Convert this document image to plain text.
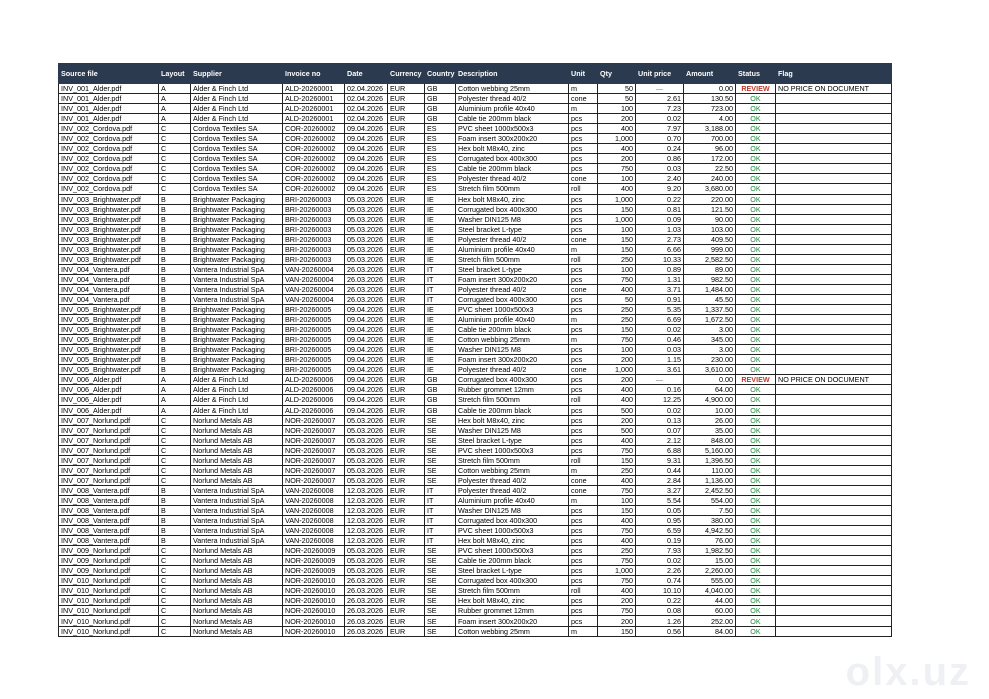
Source file	Layout	Supplier	Invoice no	Date	Currency	Country	Description	Unit	Qty	Unit price	Amount	Status	Flag
INV_001_Alder.pdf	A	Alder & Finch Ltd	ALD-20260001	02.04.2026	EUR	GB	Cotton webbing 25mm	m	50	—	0.00	REVIEW	NO PRICE ON DOCUMENT
INV_001_Alder.pdf	A	Alder & Finch Ltd	ALD-20260001	02.04.2026	EUR	GB	Polyester thread 40/2	cone	50	2.61	130.50	OK	
INV_001_Alder.pdf	A	Alder & Finch Ltd	ALD-20260001	02.04.2026	EUR	GB	Aluminium profile 40x40	m	100	7.23	723.00	OK	
INV_001_Alder.pdf	A	Alder & Finch Ltd	ALD-20260001	02.04.2026	EUR	GB	Cable tie 200mm black	pcs	200	0.02	4.00	OK	
INV_002_Cordova.pdf	C	Cordova Textiles SA	COR-20260002	09.04.2026	EUR	ES	PVC sheet 1000x500x3	pcs	400	7.97	3,188.00	OK	
INV_002_Cordova.pdf	C	Cordova Textiles SA	COR-20260002	09.04.2026	EUR	ES	Foam insert 300x200x20	pcs	1,000	0.70	700.00	OK	
INV_002_Cordova.pdf	C	Cordova Textiles SA	COR-20260002	09.04.2026	EUR	ES	Hex bolt M8x40, zinc	pcs	400	0.24	96.00	OK	
INV_002_Cordova.pdf	C	Cordova Textiles SA	COR-20260002	09.04.2026	EUR	ES	Corrugated box 400x300	pcs	200	0.86	172.00	OK	
INV_002_Cordova.pdf	C	Cordova Textiles SA	COR-20260002	09.04.2026	EUR	ES	Cable tie 200mm black	pcs	750	0.03	22.50	OK	
INV_002_Cordova.pdf	C	Cordova Textiles SA	COR-20260002	09.04.2026	EUR	ES	Polyester thread 40/2	cone	100	2.40	240.00	OK	
INV_002_Cordova.pdf	C	Cordova Textiles SA	COR-20260002	09.04.2026	EUR	ES	Stretch film 500mm	roll	400	9.20	3,680.00	OK	
INV_003_Brightwater.pdf	B	Brightwater Packaging	BRI-20260003	05.03.2026	EUR	IE	Hex bolt M8x40, zinc	pcs	1,000	0.22	220.00	OK	
INV_003_Brightwater.pdf	B	Brightwater Packaging	BRI-20260003	05.03.2026	EUR	IE	Corrugated box 400x300	pcs	150	0.81	121.50	OK	
INV_003_Brightwater.pdf	B	Brightwater Packaging	BRI-20260003	05.03.2026	EUR	IE	Washer DIN125 M8	pcs	1,000	0.09	90.00	OK	
INV_003_Brightwater.pdf	B	Brightwater Packaging	BRI-20260003	05.03.2026	EUR	IE	Steel bracket L-type	pcs	100	1.03	103.00	OK	
INV_003_Brightwater.pdf	B	Brightwater Packaging	BRI-20260003	05.03.2026	EUR	IE	Polyester thread 40/2	cone	150	2.73	409.50	OK	
INV_003_Brightwater.pdf	B	Brightwater Packaging	BRI-20260003	05.03.2026	EUR	IE	Aluminium profile 40x40	m	150	6.66	999.00	OK	
INV_003_Brightwater.pdf	B	Brightwater Packaging	BRI-20260003	05.03.2026	EUR	IE	Stretch film 500mm	roll	250	10.33	2,582.50	OK	
INV_004_Vantera.pdf	B	Vantera Industrial SpA	VAN-20260004	26.03.2026	EUR	IT	Steel bracket L-type	pcs	100	0.89	89.00	OK	
INV_004_Vantera.pdf	B	Vantera Industrial SpA	VAN-20260004	26.03.2026	EUR	IT	Foam insert 300x200x20	pcs	750	1.31	982.50	OK	
INV_004_Vantera.pdf	B	Vantera Industrial SpA	VAN-20260004	26.03.2026	EUR	IT	Polyester thread 40/2	cone	400	3.71	1,484.00	OK	
INV_004_Vantera.pdf	B	Vantera Industrial SpA	VAN-20260004	26.03.2026	EUR	IT	Corrugated box 400x300	pcs	50	0.91	45.50	OK	
INV_005_Brightwater.pdf	B	Brightwater Packaging	BRI-20260005	09.04.2026	EUR	IE	PVC sheet 1000x500x3	pcs	250	5.35	1,337.50	OK	
INV_005_Brightwater.pdf	B	Brightwater Packaging	BRI-20260005	09.04.2026	EUR	IE	Aluminium profile 40x40	m	250	6.69	1,672.50	OK	
INV_005_Brightwater.pdf	B	Brightwater Packaging	BRI-20260005	09.04.2026	EUR	IE	Cable tie 200mm black	pcs	150	0.02	3.00	OK	
INV_005_Brightwater.pdf	B	Brightwater Packaging	BRI-20260005	09.04.2026	EUR	IE	Cotton webbing 25mm	m	750	0.46	345.00	OK	
INV_005_Brightwater.pdf	B	Brightwater Packaging	BRI-20260005	09.04.2026	EUR	IE	Washer DIN125 M8	pcs	100	0.03	3.00	OK	
INV_005_Brightwater.pdf	B	Brightwater Packaging	BRI-20260005	09.04.2026	EUR	IE	Foam insert 300x200x20	pcs	200	1.15	230.00	OK	
INV_005_Brightwater.pdf	B	Brightwater Packaging	BRI-20260005	09.04.2026	EUR	IE	Polyester thread 40/2	cone	1,000	3.61	3,610.00	OK	
INV_006_Alder.pdf	A	Alder & Finch Ltd	ALD-20260006	09.04.2026	EUR	GB	Corrugated box 400x300	pcs	200	—	0.00	REVIEW	NO PRICE ON DOCUMENT
INV_006_Alder.pdf	A	Alder & Finch Ltd	ALD-20260006	09.04.2026	EUR	GB	Rubber grommet 12mm	pcs	400	0.16	64.00	OK	
INV_006_Alder.pdf	A	Alder & Finch Ltd	ALD-20260006	09.04.2026	EUR	GB	Stretch film 500mm	roll	400	12.25	4,900.00	OK	
INV_006_Alder.pdf	A	Alder & Finch Ltd	ALD-20260006	09.04.2026	EUR	GB	Cable tie 200mm black	pcs	500	0.02	10.00	OK	
INV_007_Norlund.pdf	C	Norlund Metals AB	NOR-20260007	05.03.2026	EUR	SE	Hex bolt M8x40, zinc	pcs	200	0.13	26.00	OK	
INV_007_Norlund.pdf	C	Norlund Metals AB	NOR-20260007	05.03.2026	EUR	SE	Washer DIN125 M8	pcs	500	0.07	35.00	OK	
INV_007_Norlund.pdf	C	Norlund Metals AB	NOR-20260007	05.03.2026	EUR	SE	Steel bracket L-type	pcs	400	2.12	848.00	OK	
INV_007_Norlund.pdf	C	Norlund Metals AB	NOR-20260007	05.03.2026	EUR	SE	PVC sheet 1000x500x3	pcs	750	6.88	5,160.00	OK	
INV_007_Norlund.pdf	C	Norlund Metals AB	NOR-20260007	05.03.2026	EUR	SE	Stretch film 500mm	roll	150	9.31	1,396.50	OK	
INV_007_Norlund.pdf	C	Norlund Metals AB	NOR-20260007	05.03.2026	EUR	SE	Cotton webbing 25mm	m	250	0.44	110.00	OK	
INV_007_Norlund.pdf	C	Norlund Metals AB	NOR-20260007	05.03.2026	EUR	SE	Polyester thread 40/2	cone	400	2.84	1,136.00	OK	
INV_008_Vantera.pdf	B	Vantera Industrial SpA	VAN-20260008	12.03.2026	EUR	IT	Polyester thread 40/2	cone	750	3.27	2,452.50	OK	
INV_008_Vantera.pdf	B	Vantera Industrial SpA	VAN-20260008	12.03.2026	EUR	IT	Aluminium profile 40x40	m	100	5.54	554.00	OK	
INV_008_Vantera.pdf	B	Vantera Industrial SpA	VAN-20260008	12.03.2026	EUR	IT	Washer DIN125 M8	pcs	150	0.05	7.50	OK	
INV_008_Vantera.pdf	B	Vantera Industrial SpA	VAN-20260008	12.03.2026	EUR	IT	Corrugated box 400x300	pcs	400	0.95	380.00	OK	
INV_008_Vantera.pdf	B	Vantera Industrial SpA	VAN-20260008	12.03.2026	EUR	IT	PVC sheet 1000x500x3	pcs	750	6.59	4,942.50	OK	
INV_008_Vantera.pdf	B	Vantera Industrial SpA	VAN-20260008	12.03.2026	EUR	IT	Hex bolt M8x40, zinc	pcs	400	0.19	76.00	OK	
INV_009_Norlund.pdf	C	Norlund Metals AB	NOR-20260009	05.03.2026	EUR	SE	PVC sheet 1000x500x3	pcs	250	7.93	1,982.50	OK	
INV_009_Norlund.pdf	C	Norlund Metals AB	NOR-20260009	05.03.2026	EUR	SE	Cable tie 200mm black	pcs	750	0.02	15.00	OK	
INV_009_Norlund.pdf	C	Norlund Metals AB	NOR-20260009	05.03.2026	EUR	SE	Steel bracket L-type	pcs	1,000	2.26	2,260.00	OK	
INV_010_Norlund.pdf	C	Norlund Metals AB	NOR-20260010	26.03.2026	EUR	SE	Corrugated box 400x300	pcs	750	0.74	555.00	OK	
INV_010_Norlund.pdf	C	Norlund Metals AB	NOR-20260010	26.03.2026	EUR	SE	Stretch film 500mm	roll	400	10.10	4,040.00	OK	
INV_010_Norlund.pdf	C	Norlund Metals AB	NOR-20260010	26.03.2026	EUR	SE	Hex bolt M8x40, zinc	pcs	200	0.22	44.00	OK	
INV_010_Norlund.pdf	C	Norlund Metals AB	NOR-20260010	26.03.2026	EUR	SE	Rubber grommet 12mm	pcs	750	0.08	60.00	OK	
INV_010_Norlund.pdf	C	Norlund Metals AB	NOR-20260010	26.03.2026	EUR	SE	Foam insert 300x200x20	pcs	200	1.26	252.00	OK	
INV_010_Norlund.pdf	C	Norlund Metals AB	NOR-20260010	26.03.2026	EUR	SE	Cotton webbing 25mm	m	150	0.56	84.00	OK	
olx.uz
